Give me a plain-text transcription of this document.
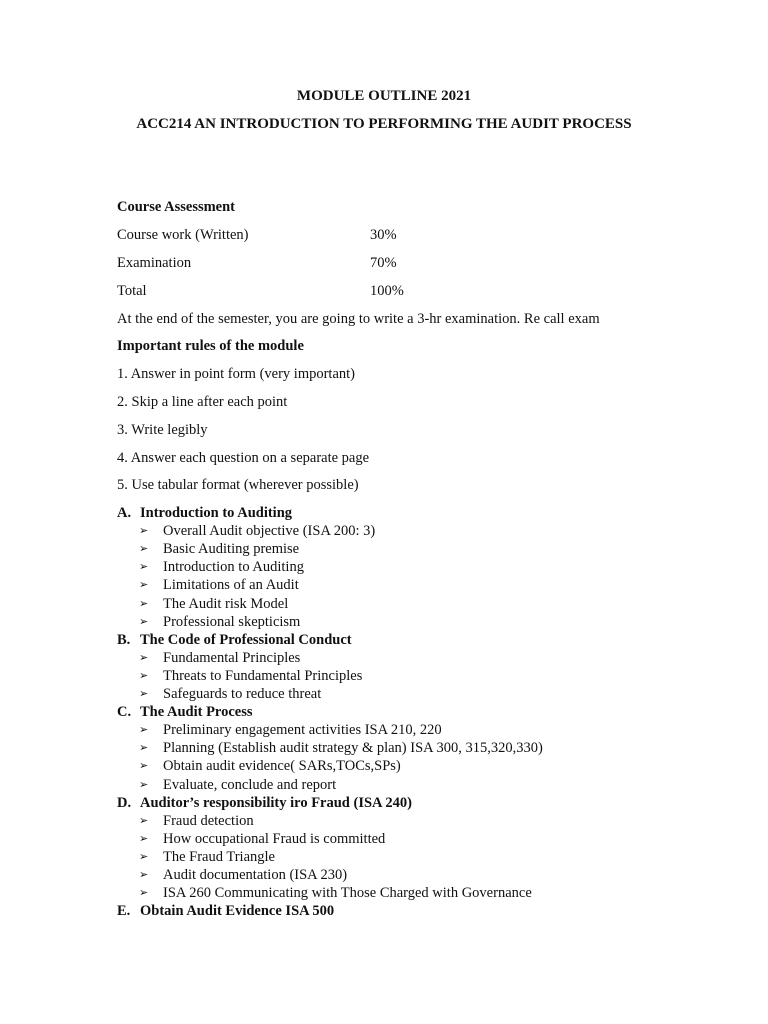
MODULE OUTLINE 2021
ACC214 AN INTRODUCTION TO PERFORMING THE AUDIT PROCESS
Course Assessment
Course work (Written)	30%
Examination	70%
Total	100%
At the end of the semester, you are going to write a 3-hr examination. Re call exam
Important rules of the module
1. Answer in point form (very important)
2. Skip a line after each point
3. Write legibly
4. Answer each question on a separate page
5. Use tabular format (wherever possible)
A. Introduction to Auditing
➢ Overall Audit objective (ISA 200: 3)
➢ Basic Auditing premise
➢ Introduction to Auditing
➢ Limitations of an Audit
➢ The Audit risk Model
➢ Professional skepticism
B. The Code of Professional Conduct
➢ Fundamental Principles
➢ Threats to Fundamental Principles
➢ Safeguards to reduce threat
C. The Audit Process
➢ Preliminary engagement activities ISA 210, 220
➢ Planning (Establish audit strategy & plan) ISA 300, 315,320,330)
➢ Obtain audit evidence( SARs,TOCs,SPs)
➢ Evaluate, conclude and report
D. Auditor’s responsibility iro Fraud (ISA 240)
➢ Fraud detection
➢ How occupational Fraud is committed
➢ The Fraud Triangle
➢ Audit documentation (ISA 230)
➢ ISA 260 Communicating with Those Charged with Governance
E. Obtain Audit Evidence ISA 500
